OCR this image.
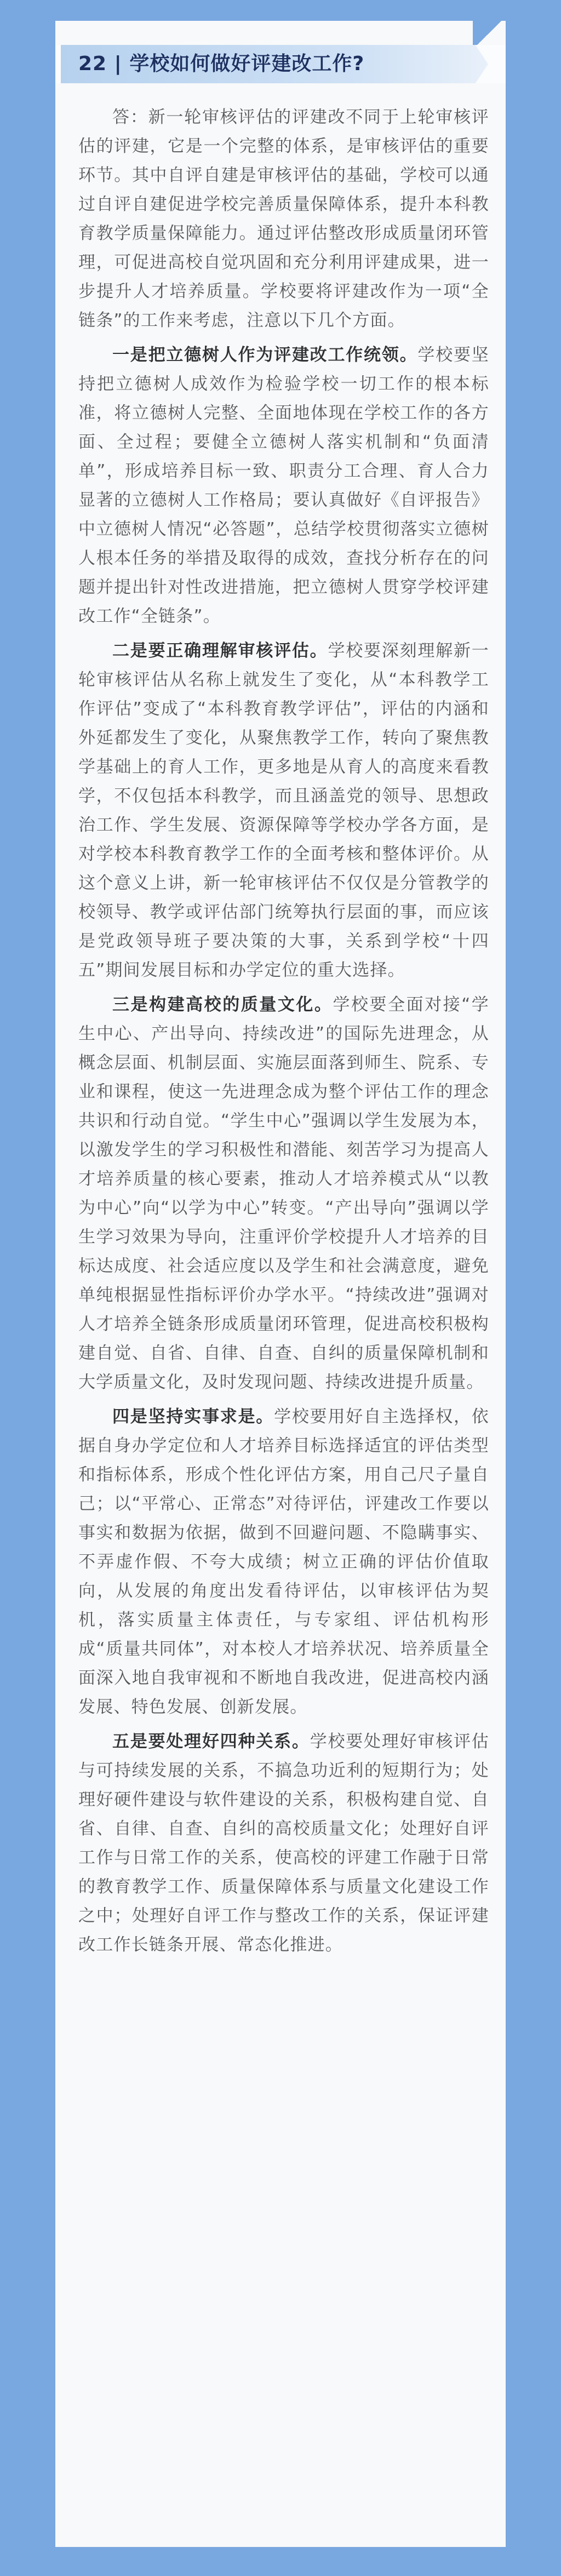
22 | 学校如何做好评建改工作?

答：新一轮审核评估的评建改不同于上轮审核评估的评建，它是一个完整的体系，是审核评估的重要环节。其中自评自建是审核评估的基础，学校可以通过自评自建促进学校完善质量保障体系，提升本科教育教学质量保障能力。通过评估整改形成质量闭环管理，可促进高校自觉巩固和充分利用评建成果，进一步提升人才培养质量。学校要将评建改作为一项“全链条”的工作来考虑，注意以下几个方面。

一是把立德树人作为评建改工作统领。学校要坚持把立德树人成效作为检验学校一切工作的根本标准，将立德树人完整、全面地体现在学校工作的各方面、全过程；要健全立德树人落实机制和“负面清单”，形成培养目标一致、职责分工合理、育人合力显著的立德树人工作格局；要认真做好《自评报告》中立德树人情况“必答题”，总结学校贯彻落实立德树人根本任务的举措及取得的成效，查找分析存在的问题并提出针对性改进措施，把立德树人贯穿学校评建改工作“全链条”。

二是要正确理解审核评估。学校要深刻理解新一轮审核评估从名称上就发生了变化，从“本科教学工作评估”变成了“本科教育教学评估”，评估的内涵和外延都发生了变化，从聚焦教学工作，转向了聚焦教学基础上的育人工作，更多地是从育人的高度来看教学，不仅包括本科教学，而且涵盖党的领导、思想政治工作、学生发展、资源保障等学校办学各方面，是对学校本科教育教学工作的全面考核和整体评价。从这个意义上讲，新一轮审核评估不仅仅是分管教学的校领导、教学或评估部门统筹执行层面的事，而应该是党政领导班子要决策的大事，关系到学校“十四五”期间发展目标和办学定位的重大选择。

三是构建高校的质量文化。学校要全面对接“学生中心、产出导向、持续改进”的国际先进理念，从概念层面、机制层面、实施层面落到师生、院系、专业和课程，使这一先进理念成为整个评估工作的理念共识和行动自觉。“学生中心”强调以学生发展为本，以激发学生的学习积极性和潜能、刻苦学习为提高人才培养质量的核心要素，推动人才培养模式从“以教为中心”向“以学为中心”转变。“产出导向”强调以学生学习效果为导向，注重评价学校提升人才培养的目标达成度、社会适应度以及学生和社会满意度，避免单纯根据显性指标评价办学水平。“持续改进”强调对人才培养全链条形成质量闭环管理，促进高校积极构建自觉、自省、自律、自查、自纠的质量保障机制和大学质量文化，及时发现问题、持续改进提升质量。

四是坚持实事求是。学校要用好自主选择权，依据自身办学定位和人才培养目标选择适宜的评估类型和指标体系，形成个性化评估方案，用自己尺子量自己；以“平常心、正常态”对待评估，评建改工作要以事实和数据为依据，做到不回避问题、不隐瞒事实、不弄虚作假、不夸大成绩；树立正确的评估价值取向，从发展的角度出发看待评估，以审核评估为契机，落实质量主体责任，与专家组、评估机构形成“质量共同体”，对本校人才培养状况、培养质量全面深入地自我审视和不断地自我改进，促进高校内涵发展、特色发展、创新发展。

五是要处理好四种关系。学校要处理好审核评估与可持续发展的关系，不搞急功近利的短期行为；处理好硬件建设与软件建设的关系，积极构建自觉、自省、自律、自查、自纠的高校质量文化；处理好自评工作与日常工作的关系，使高校的评建工作融于日常的教育教学工作、质量保障体系与质量文化建设工作之中；处理好自评工作与整改工作的关系，保证评建改工作长链条开展、常态化推进。
